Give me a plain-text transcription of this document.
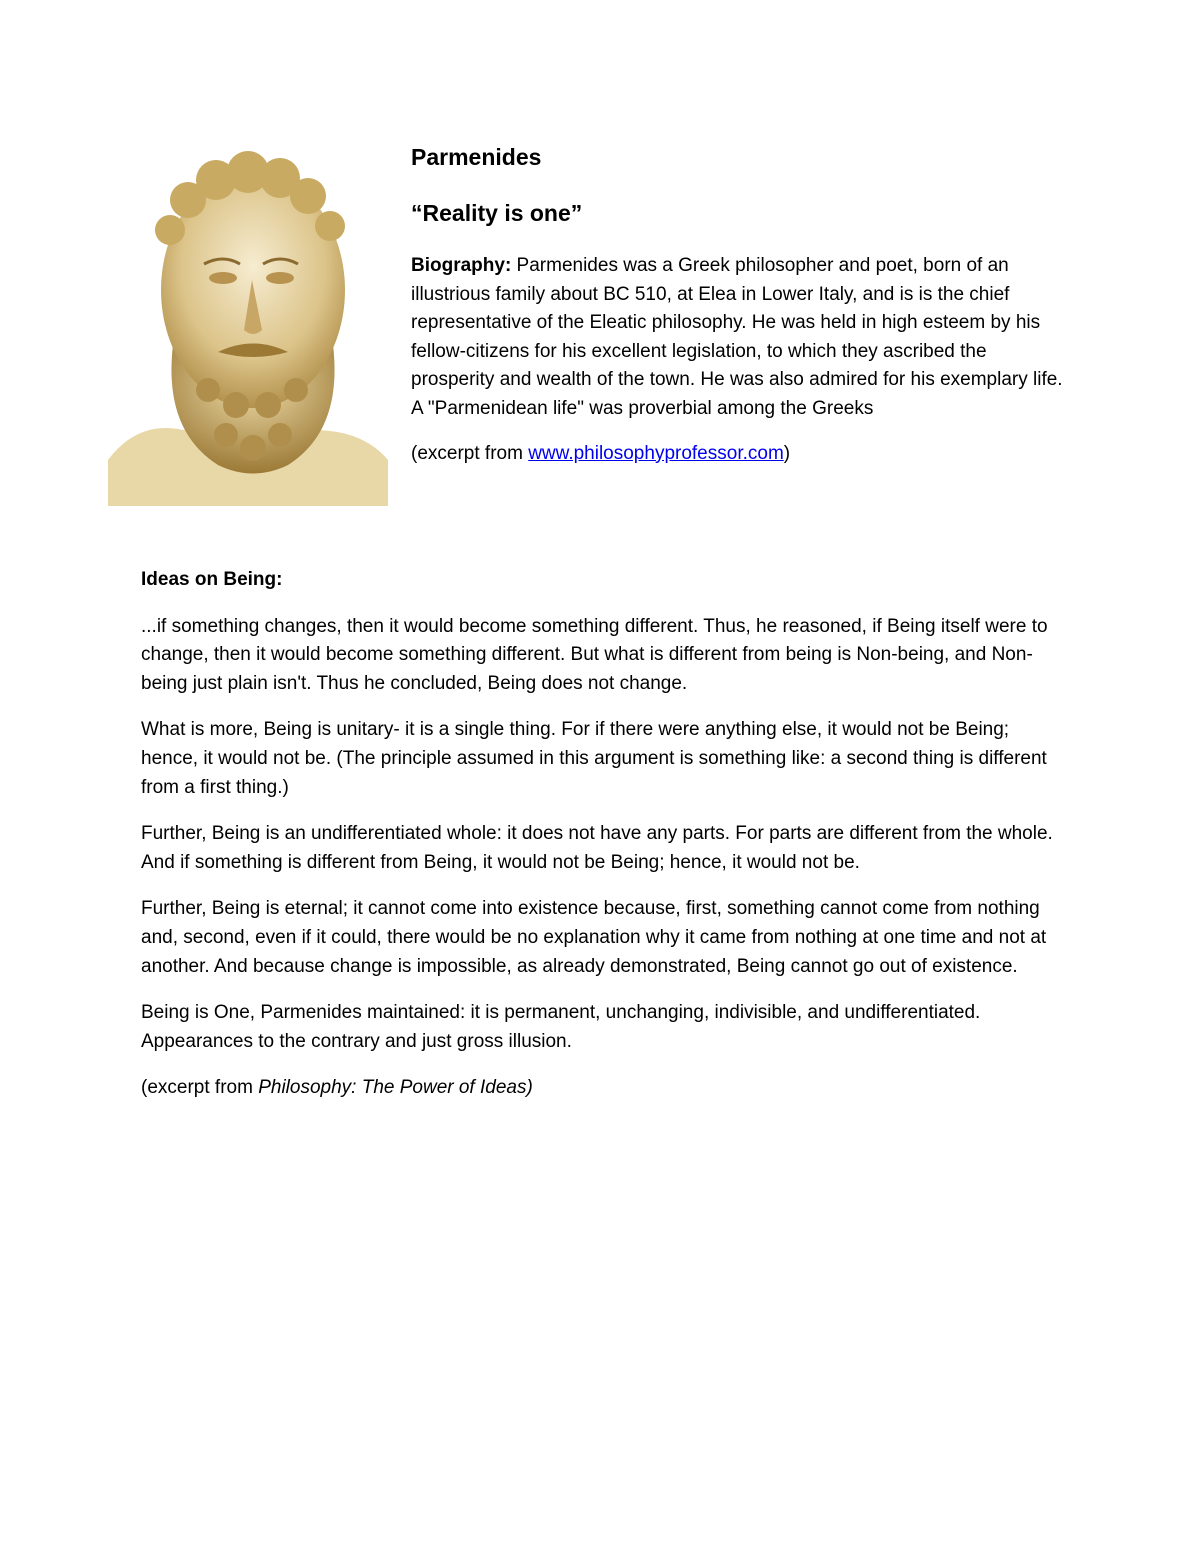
Parmenides
“Reality is one”

Biography: Parmenides was a Greek philosopher and poet, born of an illustrious family about BC 510, at Elea in Lower Italy, and is is the chief representative of the Eleatic philosophy. He was held in high esteem by his fellow-citizens for his excellent legislation, to which they ascribed the prosperity and wealth of the town. He was also admired for his exemplary life. A "Parmenidean life" was proverbial among the Greeks

(excerpt from www.philosophyprofessor.com)

Ideas on Being:

...if something changes, then it would become something different. Thus, he reasoned, if Being itself were to change, then it would become something different. But what is different from being is Non-being, and Non-being just plain isn't. Thus he concluded, Being does not change.

What is more, Being is unitary- it is a single thing. For if there were anything else, it would not be Being; hence, it would not be. (The principle assumed in this argument is something like: a second thing is different from a first thing.)

Further, Being is an undifferentiated whole: it does not have any parts. For parts are different from the whole. And if something is different from Being, it would not be Being; hence, it would not be.

Further, Being is eternal; it cannot come into existence because, first, something cannot come from nothing and, second, even if it could, there would be no explanation why it came from nothing at one time and not at another. And because change is impossible, as already demonstrated, Being cannot go out of existence.

Being is One, Parmenides maintained: it is permanent, unchanging, indivisible, and undifferentiated. Appearances to the contrary and just gross illusion.

(excerpt from Philosophy: The Power of Ideas)
